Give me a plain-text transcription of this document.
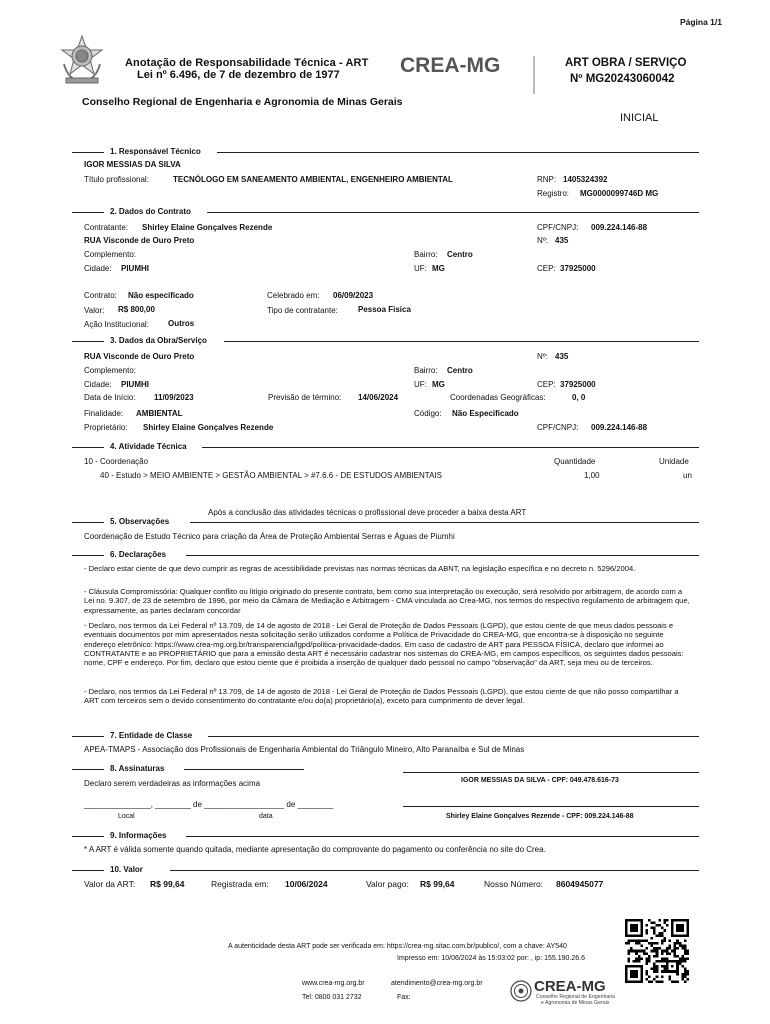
Página 1/1
Anotação de Responsabilidade Técnica - ART
Lei nº 6.496, de 7 de dezembro de 1977	CREA-MG	ART OBRA / SERVIÇO
Nº MG20243060042
Conselho Regional de Engenharia e Agronomia de Minas Gerais
INICIAL
1. Responsável Técnico
IGOR MESSIAS DA SILVA
Título profissional:	TECNÓLOGO EM SANEAMENTO AMBIENTAL, ENGENHEIRO AMBIENTAL	RNP: 1405324392
Registro: MG0000099746D MG
2. Dados do Contrato
Contratante: Shirley Elaine Gonçalves Rezende	CPF/CNPJ: 009.224.146-88
RUA Visconde de Ouro Preto	Nº: 435
Complemento:	Bairro: Centro
Cidade: PIUMHI	UF: MG	CEP: 37925000
Contrato: Não especificado	Celebrado em: 06/09/2023
Valor: R$ 800,00	Tipo de contratante:	Pessoa Fisica
Ação Institucional: Outros
3. Dados da Obra/Serviço
RUA Visconde de Ouro Preto	Nº: 435
Complemento:	Bairro: Centro
Cidade: PIUMHI	UF: MG	CEP: 37925000
Data de Início: 11/09/2023	Previsão de término: 14/06/2024	Coordenadas Geográficas:	0, 0
Finalidade: AMBIENTAL	Código: Não Especificado
Proprietário: Shirley Elaine Gonçalves Rezende	CPF/CNPJ: 009.224.146-88
4. Atividade Técnica
10 - Coordenação	Quantidade	Unidade
40 - Estudo > MEIO AMBIENTE > GESTÃO AMBIENTAL > #7.6.6 - DE ESTUDOS AMBIENTAIS	1,00	un
Após a conclusão das atividades técnicas o profissional deve proceder a baixa desta ART
5. Observações
Coordenação de Estudo Técnico para criação da Área de Proteção Ambiental Serras e Águas de Piumhi
6. Declarações
- Declaro estar ciente de que devo cumprir as regras de acessibilidade previstas nas normas técnicas da ABNT, na legislação específica e no decreto n. 5296/2004.
- Cláusula Compromissória: Qualquer conflito ou litígio originado do presente contrato, bem como sua interpretação ou execução, será resolvido por arbitragem, de acordo com a Lei no. 9.307, de 23 de setembro de 1996, por meio da Câmara de Mediação e Arbitragem - CMA vinculada ao Crea-MG, nos termos do respectivo regulamento de arbitragem que, expressamente, as partes declaram concordar
- Declaro, nos termos da Lei Federal nº 13.709, de 14 de agosto de 2018 - Lei Geral de Proteção de Dados Pessoais (LGPD), que estou ciente de que meus dados pessoais e eventuais documentos por mim apresentados nesta solicitação serão utilizados conforme a Política de Privacidade do CREA-MG, que encontra-se à disposição no seguinte endereço eletrônico: https://www.crea-mg.org.br/transparencia/lgpd/politica-privacidade-dados. Em caso de cadastro de ART para PESSOA FÍSICA, declaro que informei ao CONTRATANTE e ao PROPRIETÁRIO que para a emissão desta ART é necessário cadastrar nos sistemas do CREA-MG, em campos específicos, os seguintes dados pessoais: nome, CPF e endereço. Por fim, declaro que estou ciente que é proibida a inserção de qualquer dado pessoal no campo "observação" da ART, seja meu ou de terceiros.
- Declaro, nos termos da Lei Federal nº 13.709, de 14 de agosto de 2018 - Lei Geral de Proteção de Dados Pessoais (LGPD), que estou ciente de que não posso compartilhar a ART com terceiros sem o devido consentimento do contratante e/ou do(a) proprietário(a), exceto para cumprimento de dever legal.
7. Entidade de Classe
APEA-TMAPS - Associação dos Profissionais de Engenharia Ambiental do Triângulo Mineiro, Alto Paranaíba e Sul de Minas
8. Assinaturas
Declaro serem verdadeiras as informações acima	IGOR MESSIAS DA SILVA - CPF: 049.478.616-73
_______________, ________ de __________________ de ________
Local	data	Shirley Elaine Gonçalves Rezende - CPF: 009.224.146-88
9. Informações
* A ART é válida somente quando quitada, mediante apresentação do comprovante do pagamento ou conferência no site do Crea.
10. Valor
Valor da ART: R$ 99,64	Registrada em: 10/06/2024	Valor pago: R$ 99,64	Nosso Número: 8604945077
A autenticidade desta ART pode ser verificada em: https://crea-mg.sitac.com.br/publico/, com a chave: AY540
Impresso em: 10/06/2024 às 15:03:02 por: , ip: 155.190.26.6
www.crea-mg.org.br	atendimento@crea-mg.org.br
Tel: 0800 031 2732	Fax:
CREA-MG
Conselho Regional de Engenharia
e Agronomia de Minas Gerais
